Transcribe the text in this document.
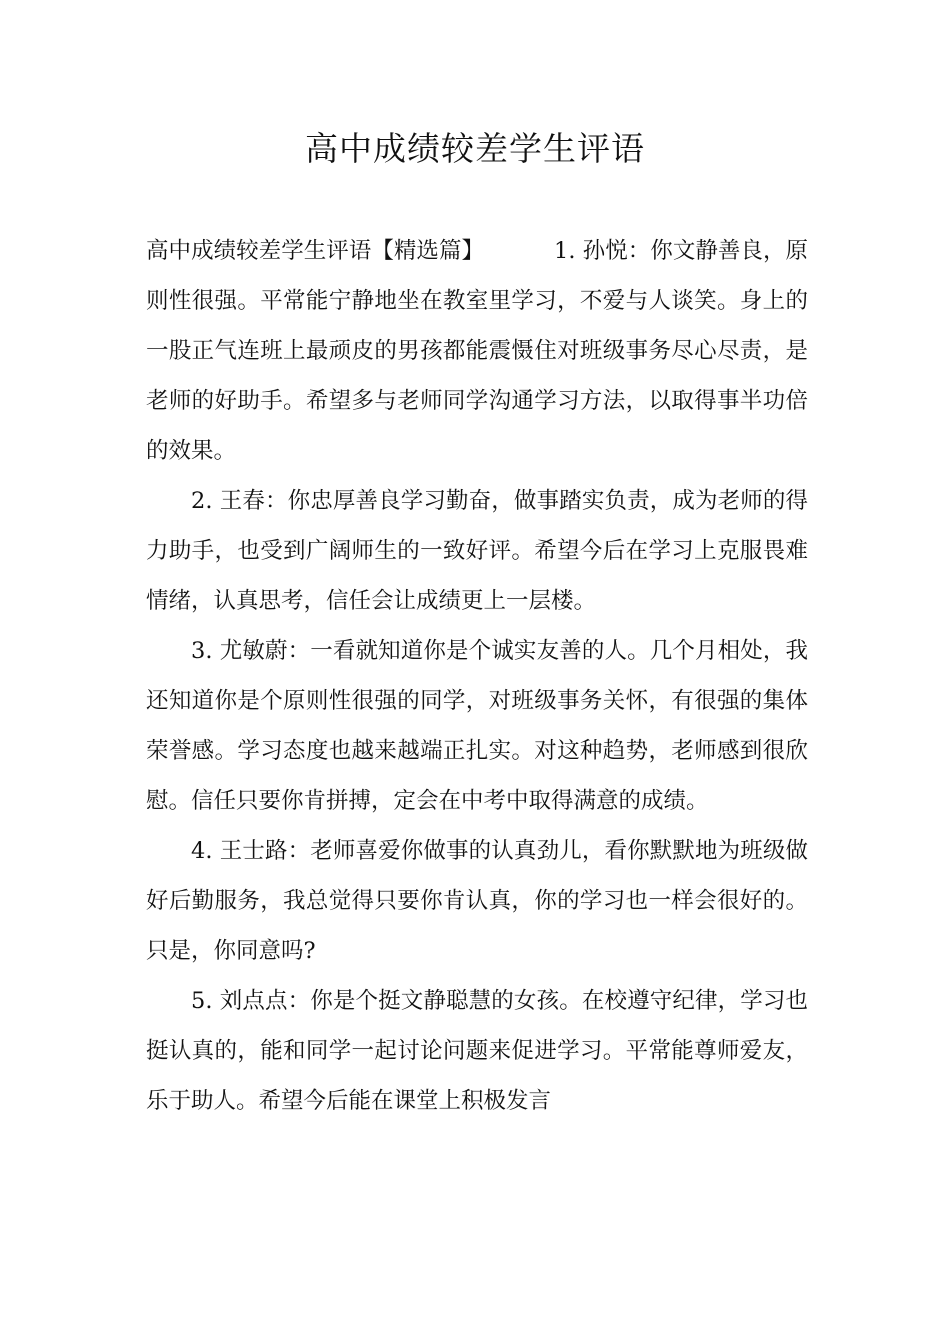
高中成绩较差学生评语

高中成绩较差学生评语【精选篇】	1. 孙悦：你文静善良，原则性很强。平常能宁静地坐在教室里学习，不爱与人谈笑。身上的一股正气连班上最顽皮的男孩都能震慑住对班级事务尽心尽责，是老师的好助手。希望多与老师同学沟通学习方法，以取得事半功倍的效果。

2. 王春：你忠厚善良学习勤奋，做事踏实负责，成为老师的得力助手，也受到广阔师生的一致好评。希望今后在学习上克服畏难情绪，认真思考，信任会让成绩更上一层楼。

3. 尤敏蔚：一看就知道你是个诚实友善的人。几个月相处，我还知道你是个原则性很强的同学，对班级事务关怀，有很强的集体荣誉感。学习态度也越来越端正扎实。对这种趋势，老师感到很欣慰。信任只要你肯拼搏，定会在中考中取得满意的成绩。

4. 王士路：老师喜爱你做事的认真劲儿，看你默默地为班级做好后勤服务，我总觉得只要你肯认真，你的学习也一样会很好的。只是，你同意吗?

5. 刘点点：你是个挺文静聪慧的女孩。在校遵守纪律，学习也挺认真的，能和同学一起讨论问题来促进学习。平常能尊师爱友，乐于助人。希望今后能在课堂上积极发言
